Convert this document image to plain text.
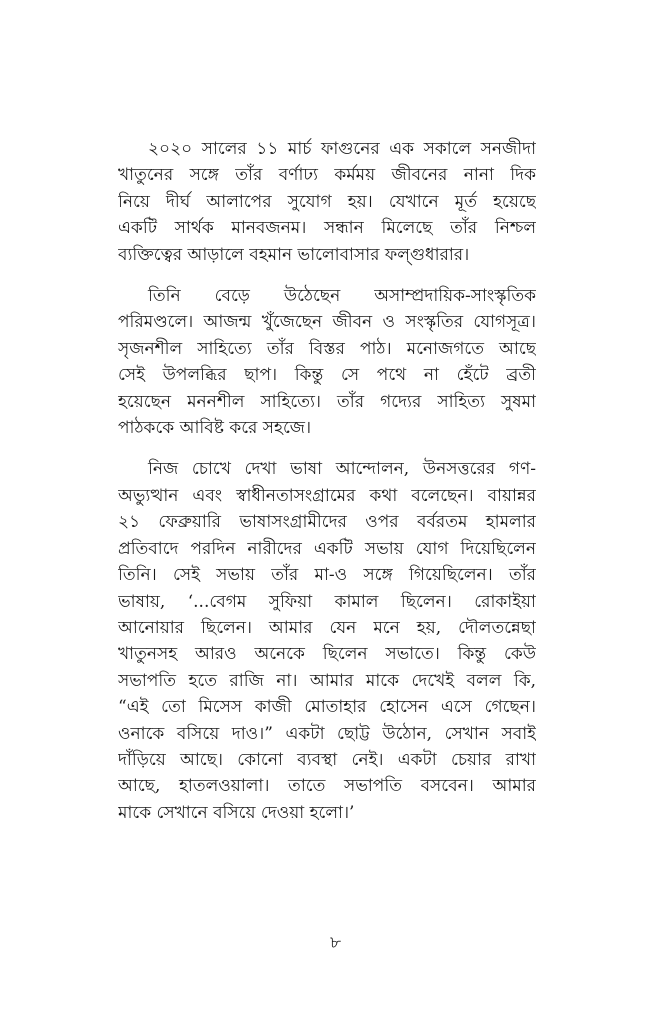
২০২০ সালের ১১ মার্চ ফাগুনের এক সকালে সনজীদা
খাতুনের সঙ্গে তাঁর বর্ণাঢ্য কর্মময় জীবনের নানা দিক
নিয়ে দীর্ঘ আলাপের সুযোগ হয়। যেখানে মূর্ত হয়েছে
একটি সার্থক মানবজনম। সন্ধান মিলেছে তাঁর নিশ্চল
ব্যক্তিত্বের আড়ালে বহমান ভালোবাসার ফল্গুধারার।

তিনি বেড়ে উঠেছেন অসাম্প্রদায়িক-সাংস্কৃতিক
পরিমণ্ডলে। আজন্ম খুঁজেছেন জীবন ও সংস্কৃতির যোগসূত্র।
সৃজনশীল সাহিত্যে তাঁর বিস্তর পাঠ। মনোজগতে আছে
সেই উপলব্ধির ছাপ। কিন্তু সে পথে না হেঁটে ব্রতী
হয়েছেন মননশীল সাহিত্যে। তাঁর গদ্যের সাহিত্য সুষমা
পাঠককে আবিষ্ট করে সহজে।

নিজ চোখে দেখা ভাষা আন্দোলন, উনসত্তরের গণ-
অভ্যুত্থান এবং স্বাধীনতাসংগ্রামের কথা বলেছেন। বায়ান্নর
২১ ফেব্রুয়ারি ভাষাসংগ্রামীদের ওপর বর্বরতম হামলার
প্রতিবাদে পরদিন নারীদের একটি সভায় যোগ দিয়েছিলেন
তিনি। সেই সভায় তাঁর মা-ও সঙ্গে গিয়েছিলেন। তাঁর
ভাষায়, ‘...বেগম সুফিয়া কামাল ছিলেন। রোকাইয়া
আনোয়ার ছিলেন। আমার যেন মনে হয়, দৌলতন্নেছা
খাতুনসহ আরও অনেকে ছিলেন সভাতে। কিন্তু কেউ
সভাপতি হতে রাজি না। আমার মাকে দেখেই বলল কি,
“এই তো মিসেস কাজী মোতাহার হোসেন এসে গেছেন।
ওনাকে বসিয়ে দাও।” একটা ছোট্ট উঠোন, সেখান সবাই
দাঁড়িয়ে আছে। কোনো ব্যবস্থা নেই। একটা চেয়ার রাখা
আছে, হাতলওয়ালা। তাতে সভাপতি বসবেন। আমার
মাকে সেখানে বসিয়ে দেওয়া হলো।’

৮
